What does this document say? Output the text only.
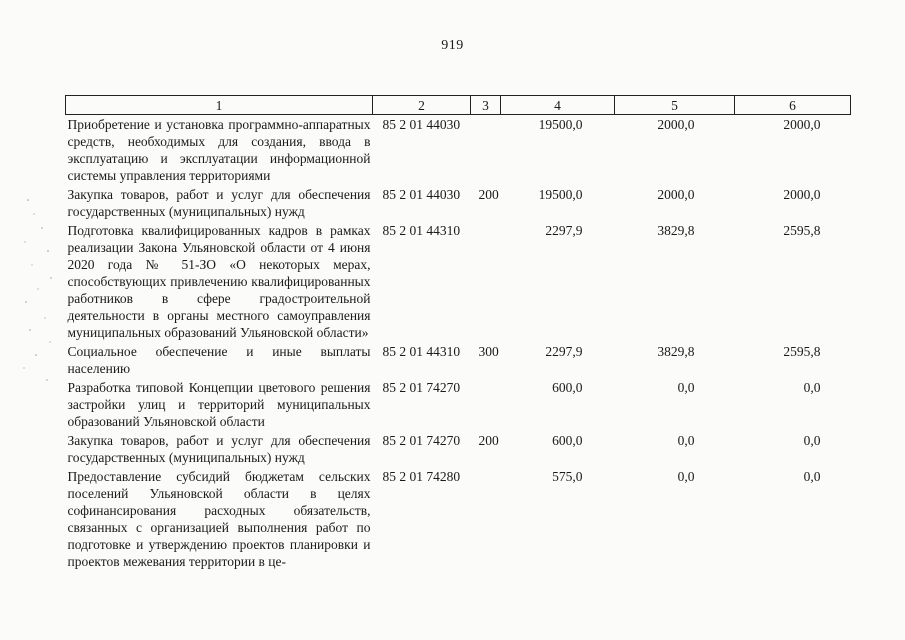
919
1	2	3	4	5	6
Приобретение и установка программно-аппаратных средств, необходимых для создания, ввода в эксплуатацию и эксплуатации информационной системы управления территориями	85 2 01 44030		19500,0	2000,0	2000,0
Закупка товаров, работ и услуг для обеспечения государственных (муниципальных) нужд	85 2 01 44030	200	19500,0	2000,0	2000,0
Подготовка квалифицированных кадров в рамках реализации Закона Ульяновской области от 4 июня 2020 года № 51-ЗО «О некоторых мерах, способствующих привлечению квалифицированных работников в сфере градостроительной деятельности в органы местного самоуправления муниципальных образований Ульяновской области»	85 2 01 44310		2297,9	3829,8	2595,8
Социальное обеспечение и иные выплаты населению	85 2 01 44310	300	2297,9	3829,8	2595,8
Разработка типовой Концепции цветового решения застройки улиц и территорий муниципальных образований Ульяновской области	85 2 01 74270		600,0	0,0	0,0
Закупка товаров, работ и услуг для обеспечения государственных (муниципальных) нужд	85 2 01 74270	200	600,0	0,0	0,0
Предоставление субсидий бюджетам сельских поселений Ульяновской области в целях софинансирования расходных обязательств, связанных с организацией выполнения работ по подготовке и утверждению проектов планировки и проектов межевания территории в це-	85 2 01 74280		575,0	0,0	0,0
